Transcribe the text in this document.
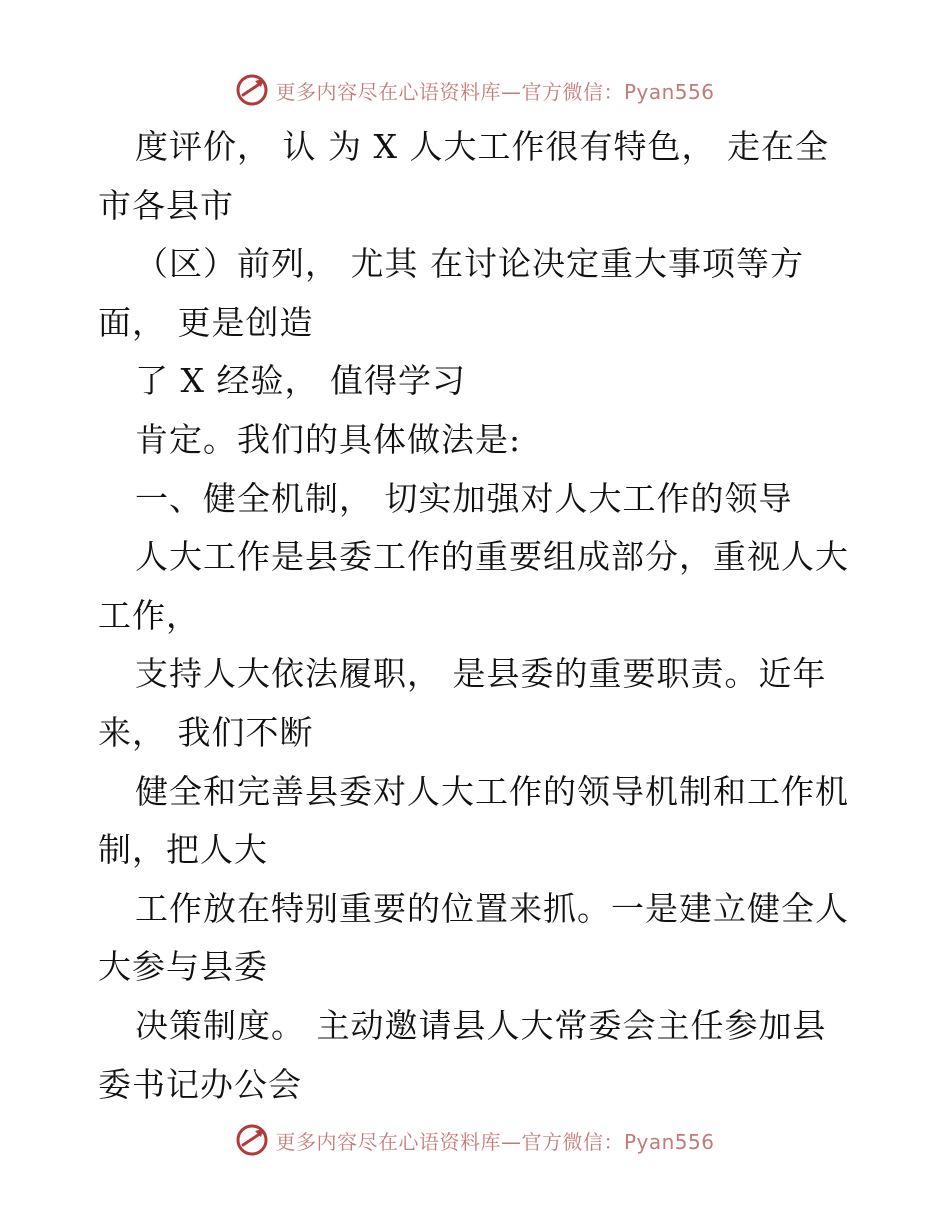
更多内容尽在心语资料库—官方微信：Pyan556
度评价， 认 为 X 人大工作很有特色， 走在全
市各县市
（区）前列， 尤其 在讨论决定重大事项等方
面， 更是创造
了 X 经验， 值得学习
肯定。我们的具体做法是:
一、健全机制， 切实加强对人大工作的领导
人大工作是县委工作的重要组成部分，重视人大
工作，
支持人大依法履职， 是县委的重要职责。近年
来， 我们不断
健全和完善县委对人大工作的领导机制和工作机
制，把人大
工作放在特别重要的位置来抓。一是建立健全人
大参与县委
决策制度。 主动邀请县人大常委会主任参加县
委书记办公会
更多内容尽在心语资料库—官方微信：Pyan556
